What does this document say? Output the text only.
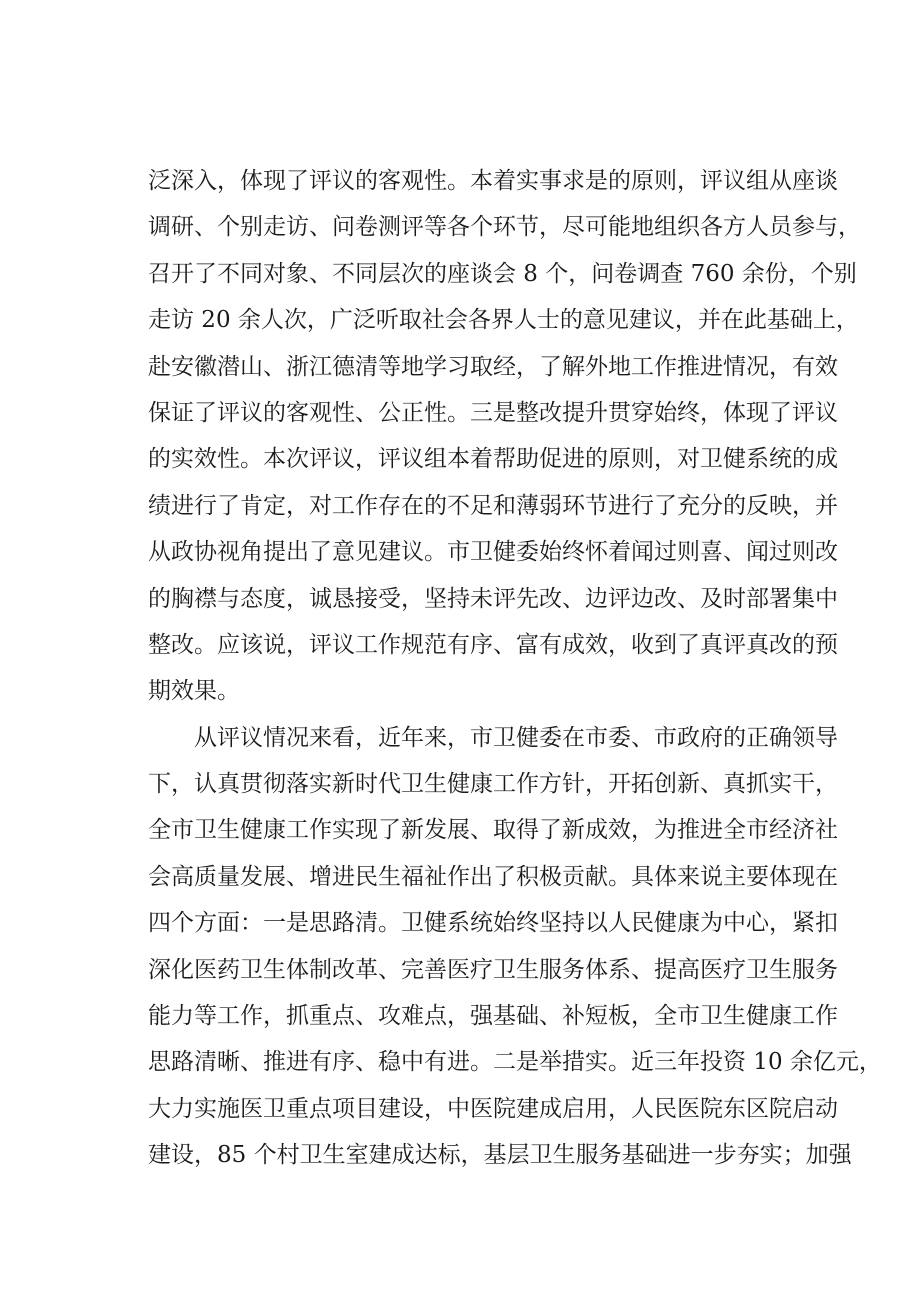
泛深入，体现了评议的客观性。本着实事求是的原则，评议组从座谈
调研、个别走访、问卷测评等各个环节，尽可能地组织各方人员参与，
召开了不同对象、不同层次的座谈会 8 个，问卷调查 760 余份，个别
走访 20 余人次，广泛听取社会各界人士的意见建议，并在此基础上，
赴安徽潜山、浙江德清等地学习取经，了解外地工作推进情况，有效
保证了评议的客观性、公正性。三是整改提升贯穿始终，体现了评议
的实效性。本次评议，评议组本着帮助促进的原则，对卫健系统的成
绩进行了肯定，对工作存在的不足和薄弱环节进行了充分的反映，并
从政协视角提出了意见建议。市卫健委始终怀着闻过则喜、闻过则改
的胸襟与态度，诚恳接受，坚持未评先改、边评边改、及时部署集中
整改。应该说，评议工作规范有序、富有成效，收到了真评真改的预
期效果。
从评议情况来看，近年来，市卫健委在市委、市政府的正确领导
下，认真贯彻落实新时代卫生健康工作方针，开拓创新、真抓实干，
全市卫生健康工作实现了新发展、取得了新成效，为推进全市经济社
会高质量发展、增进民生福祉作出了积极贡献。具体来说主要体现在
四个方面：一是思路清。卫健系统始终坚持以人民健康为中心，紧扣
深化医药卫生体制改革、完善医疗卫生服务体系、提高医疗卫生服务
能力等工作，抓重点、攻难点，强基础、补短板，全市卫生健康工作
思路清晰、推进有序、稳中有进。二是举措实。近三年投资 10 余亿元，
大力实施医卫重点项目建设，中医院建成启用，人民医院东区院启动
建设，85 个村卫生室建成达标，基层卫生服务基础进一步夯实；加强
